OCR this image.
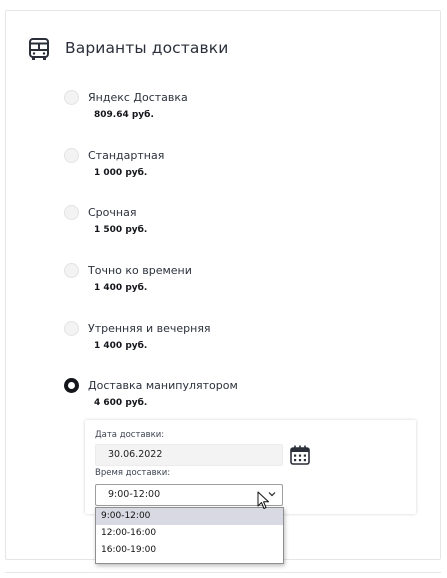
Варианты доставки
Яндекс Доставка
809.64 руб.
Стандартная
1 000 руб.
Срочная
1 500 руб.
Точно ко времени
1 400 руб.
Утренняя и вечерняя
1 400 руб.
Доставка манипулятором
4 600 руб.
Дата доставки:
30.06.2022
Время доставки:
9:00-12:00
9:00-12:00
12:00-16:00
16:00-19:00
